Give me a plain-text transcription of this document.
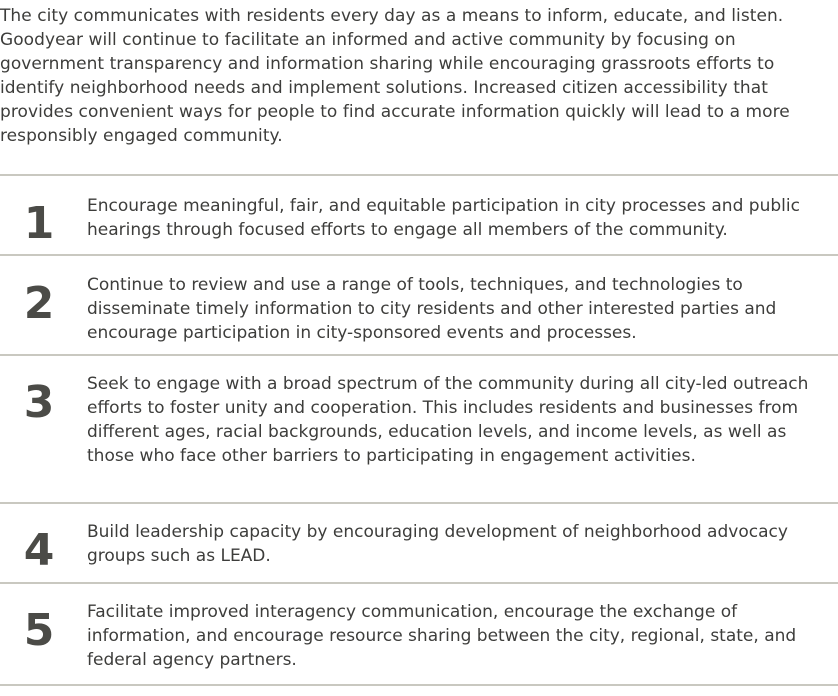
The city communicates with residents every day as a means to inform, educate, and listen. Goodyear will continue to facilitate an informed and active community by focusing on government transparency and information sharing while encouraging grassroots efforts to identify neighborhood needs and implement solutions. Increased citizen accessibility that provides convenient ways for people to find accurate information quickly will lead to a more responsibly engaged community.

1	Encourage meaningful, fair, and equitable participation in city processes and public hearings through focused efforts to engage all members of the community.

2	Continue to review and use a range of tools, techniques, and technologies to disseminate timely information to city residents and other interested parties and encourage participation in city-sponsored events and processes.

3	Seek to engage with a broad spectrum of the community during all city-led outreach efforts to foster unity and cooperation. This includes residents and businesses from different ages, racial backgrounds, education levels, and income levels, as well as those who face other barriers to participating in engagement activities.

4	Build leadership capacity by encouraging development of neighborhood advocacy groups such as LEAD.

5	Facilitate improved interagency communication, encourage the exchange of information, and encourage resource sharing between the city, regional, state, and federal agency partners.
